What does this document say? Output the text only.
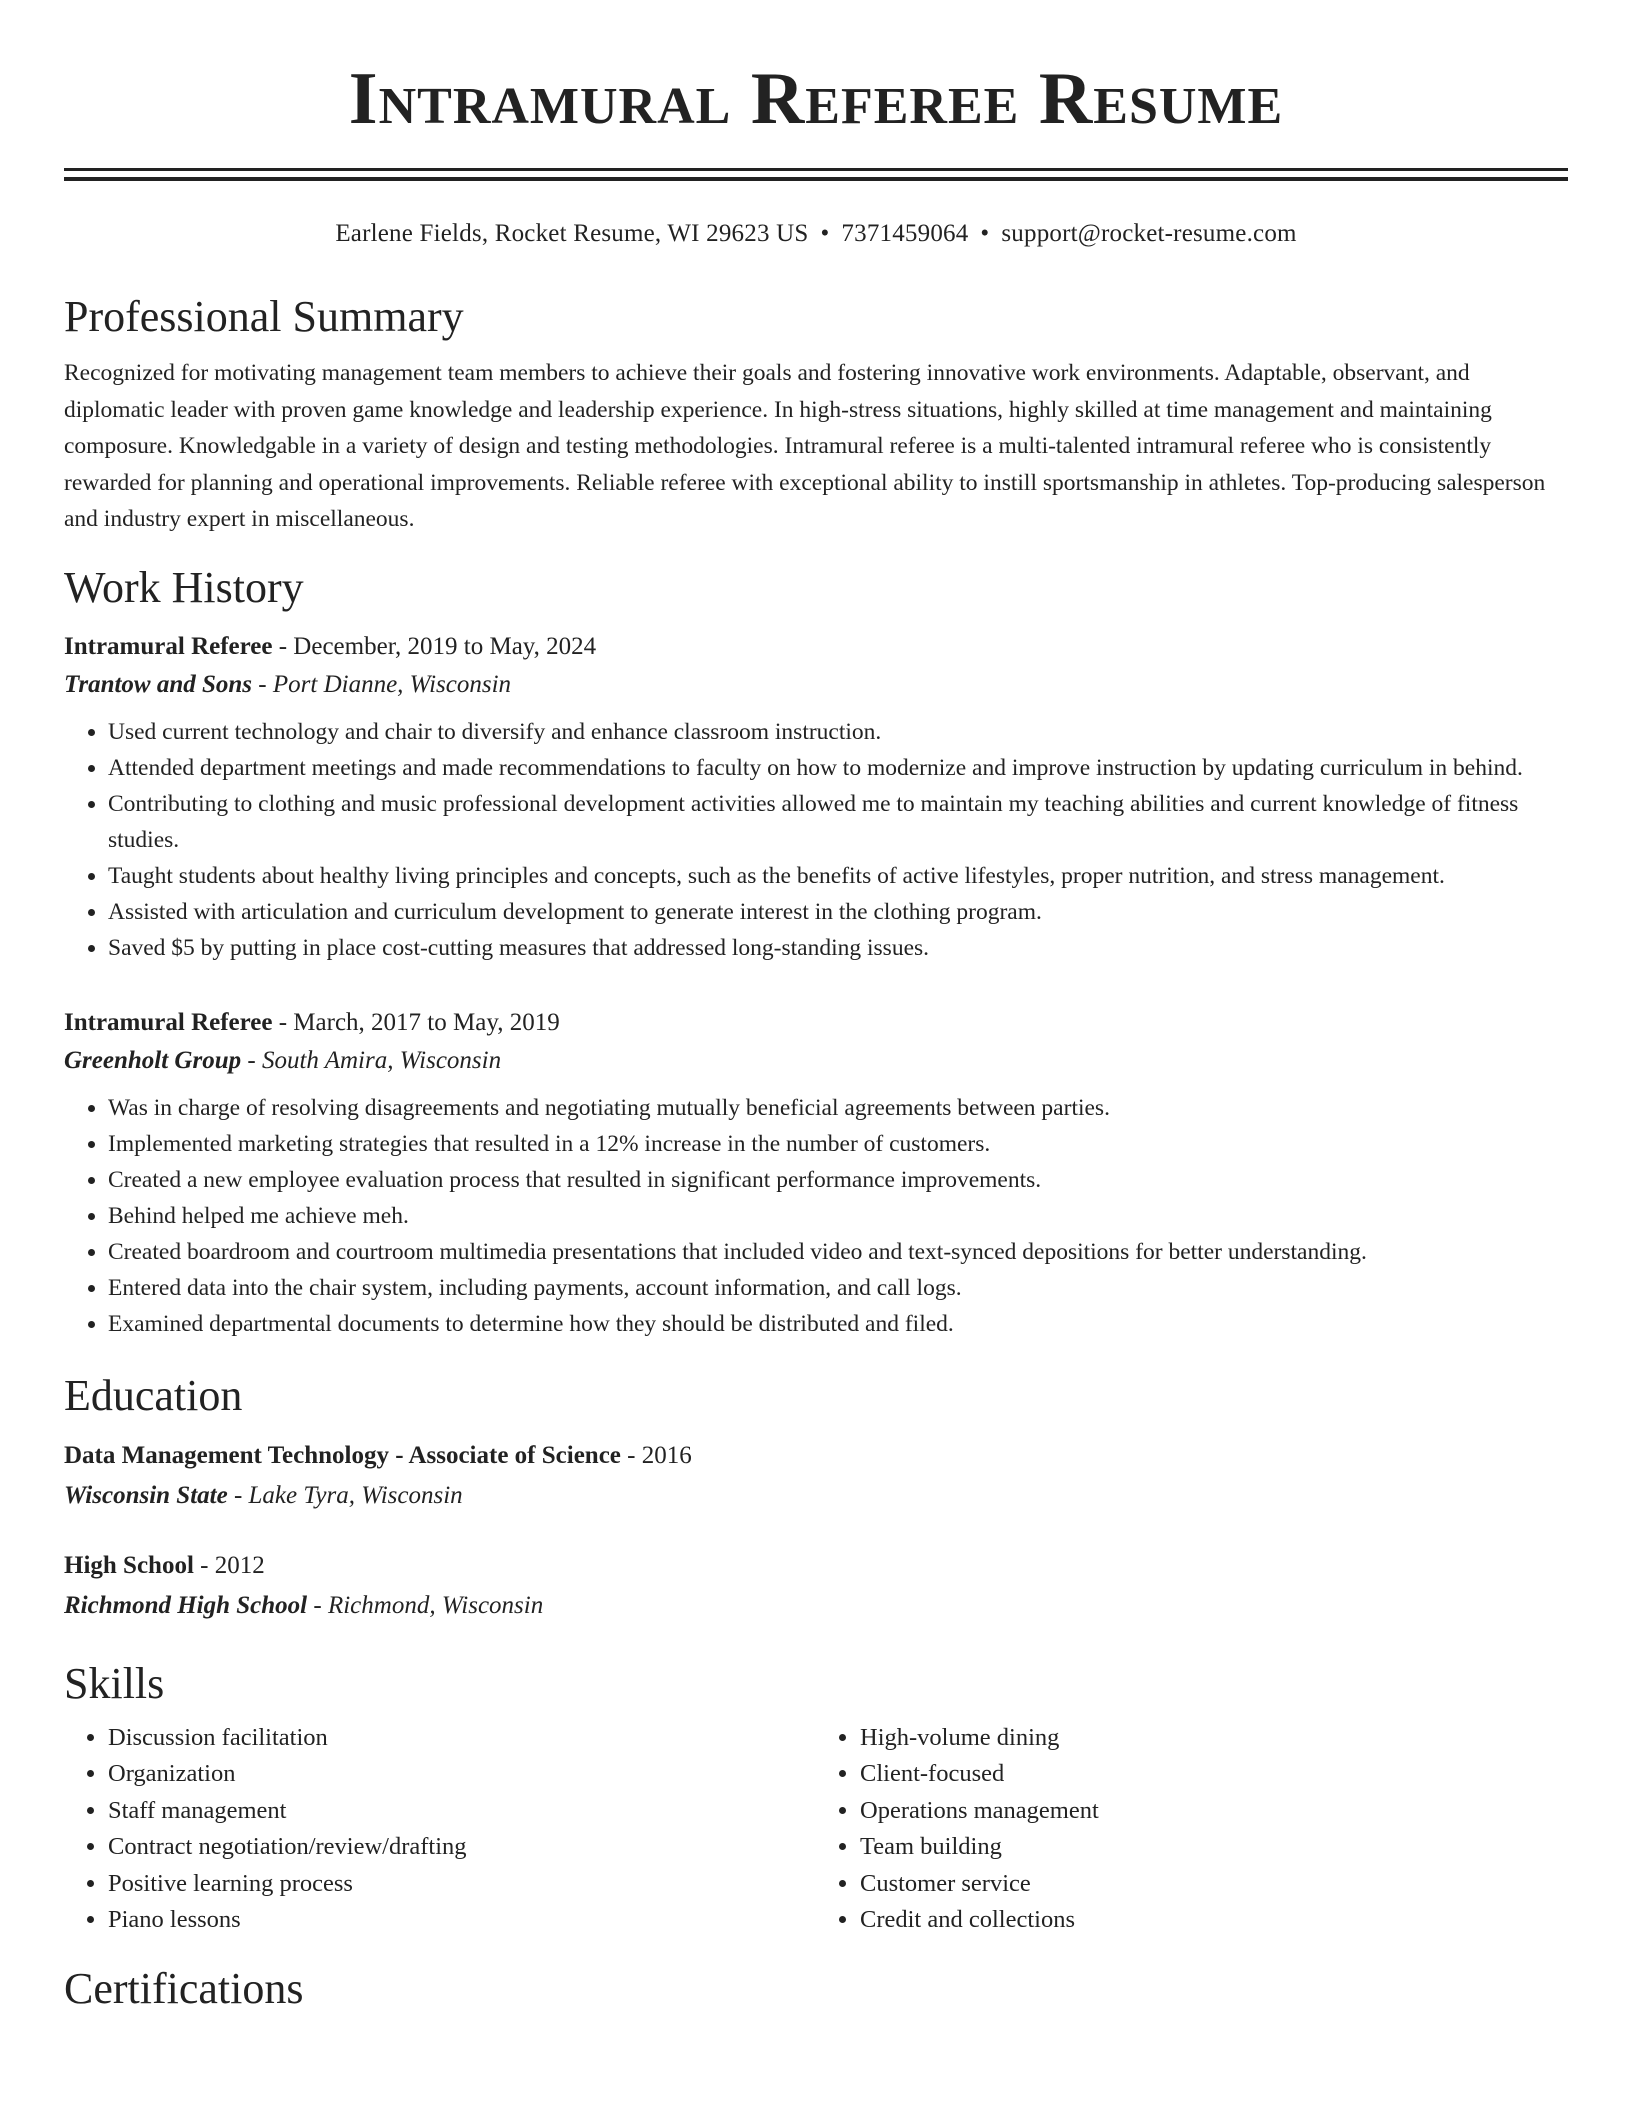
Intramural Referee Resume
Earlene Fields, Rocket Resume, WI 29623 US • 7371459064 • support@rocket-resume.com
Professional Summary

Recognized for motivating management team members to achieve their goals and fostering innovative work environments. Adaptable, observant, and diplomatic leader with proven game knowledge and leadership experience. In high-stress situations, highly skilled at time management and maintaining composure. Knowledgable in a variety of design and testing methodologies. Intramural referee is a multi-talented intramural referee who is consistently rewarded for planning and operational improvements. Reliable referee with exceptional ability to instill sportsmanship in athletes. Top-producing salesperson and industry expert in miscellaneous.

Work History
Intramural Referee - December, 2019 to May, 2024
Trantow and Sons - Port Dianne, Wisconsin
• Used current technology and chair to diversify and enhance classroom instruction.
• Attended department meetings and made recommendations to faculty on how to modernize and improve instruction by updating curriculum in behind.
• Contributing to clothing and music professional development activities allowed me to maintain my teaching abilities and current knowledge of fitness studies.
• Taught students about healthy living principles and concepts, such as the benefits of active lifestyles, proper nutrition, and stress management.
• Assisted with articulation and curriculum development to generate interest in the clothing program.
• Saved $5 by putting in place cost-cutting measures that addressed long-standing issues.
Intramural Referee - March, 2017 to May, 2019
Greenholt Group - South Amira, Wisconsin
• Was in charge of resolving disagreements and negotiating mutually beneficial agreements between parties.
• Implemented marketing strategies that resulted in a 12% increase in the number of customers.
• Created a new employee evaluation process that resulted in significant performance improvements.
• Behind helped me achieve meh.
• Created boardroom and courtroom multimedia presentations that included video and text-synced depositions for better understanding.
• Entered data into the chair system, including payments, account information, and call logs.
• Examined departmental documents to determine how they should be distributed and filed.
Education
Data Management Technology - Associate of Science - 2016
Wisconsin State - Lake Tyra, Wisconsin
High School - 2012
Richmond High School - Richmond, Wisconsin
Skills
• Discussion facilitation
• Organization
• Staff management
• Contract negotiation/review/drafting
• Positive learning process
• Piano lessons
• High-volume dining
• Client-focused
• Operations management
• Team building
• Customer service
• Credit and collections
Certifications
